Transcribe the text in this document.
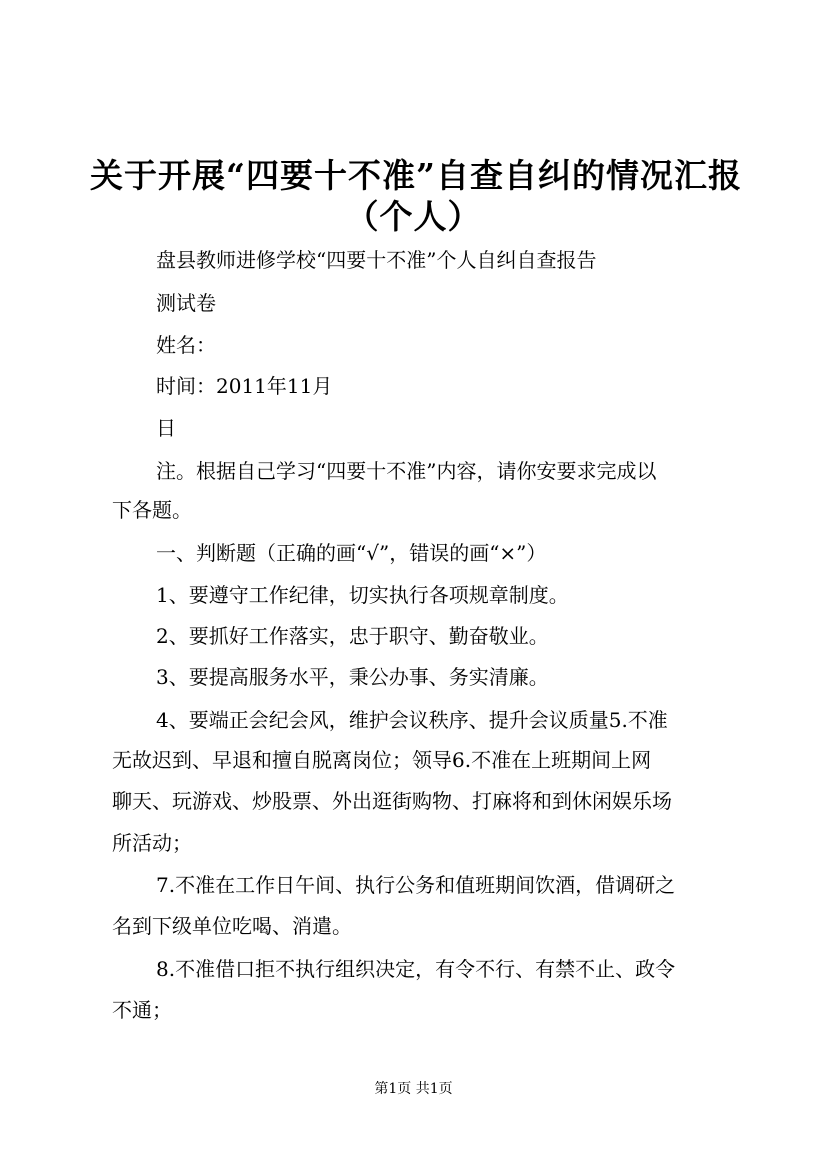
关于开展“四要十不准”自查自纠的情况汇报
（个人）

盘县教师进修学校“四要十不准”个人自纠自查报告

测试卷

姓名：

时间：2011年11月

日

注。根据自己学习“四要十不准”内容，请你安要求完成以

下各题。

一、判断题（正确的画“√”，错误的画“×”）

1、要遵守工作纪律，切实执行各项规章制度。

2、要抓好工作落实，忠于职守、勤奋敬业。

3、要提高服务水平，秉公办事、务实清廉。

4、要端正会纪会风，维护会议秩序、提升会议质量5.不准

无故迟到、早退和擅自脱离岗位；领导6.不准在上班期间上网

聊天、玩游戏、炒股票、外出逛街购物、打麻将和到休闲娱乐场

所活动；

7.不准在工作日午间、执行公务和值班期间饮酒，借调研之

名到下级单位吃喝、消遣。

8.不准借口拒不执行组织决定，有令不行、有禁不止、政令

不通；

第1页 共1页
